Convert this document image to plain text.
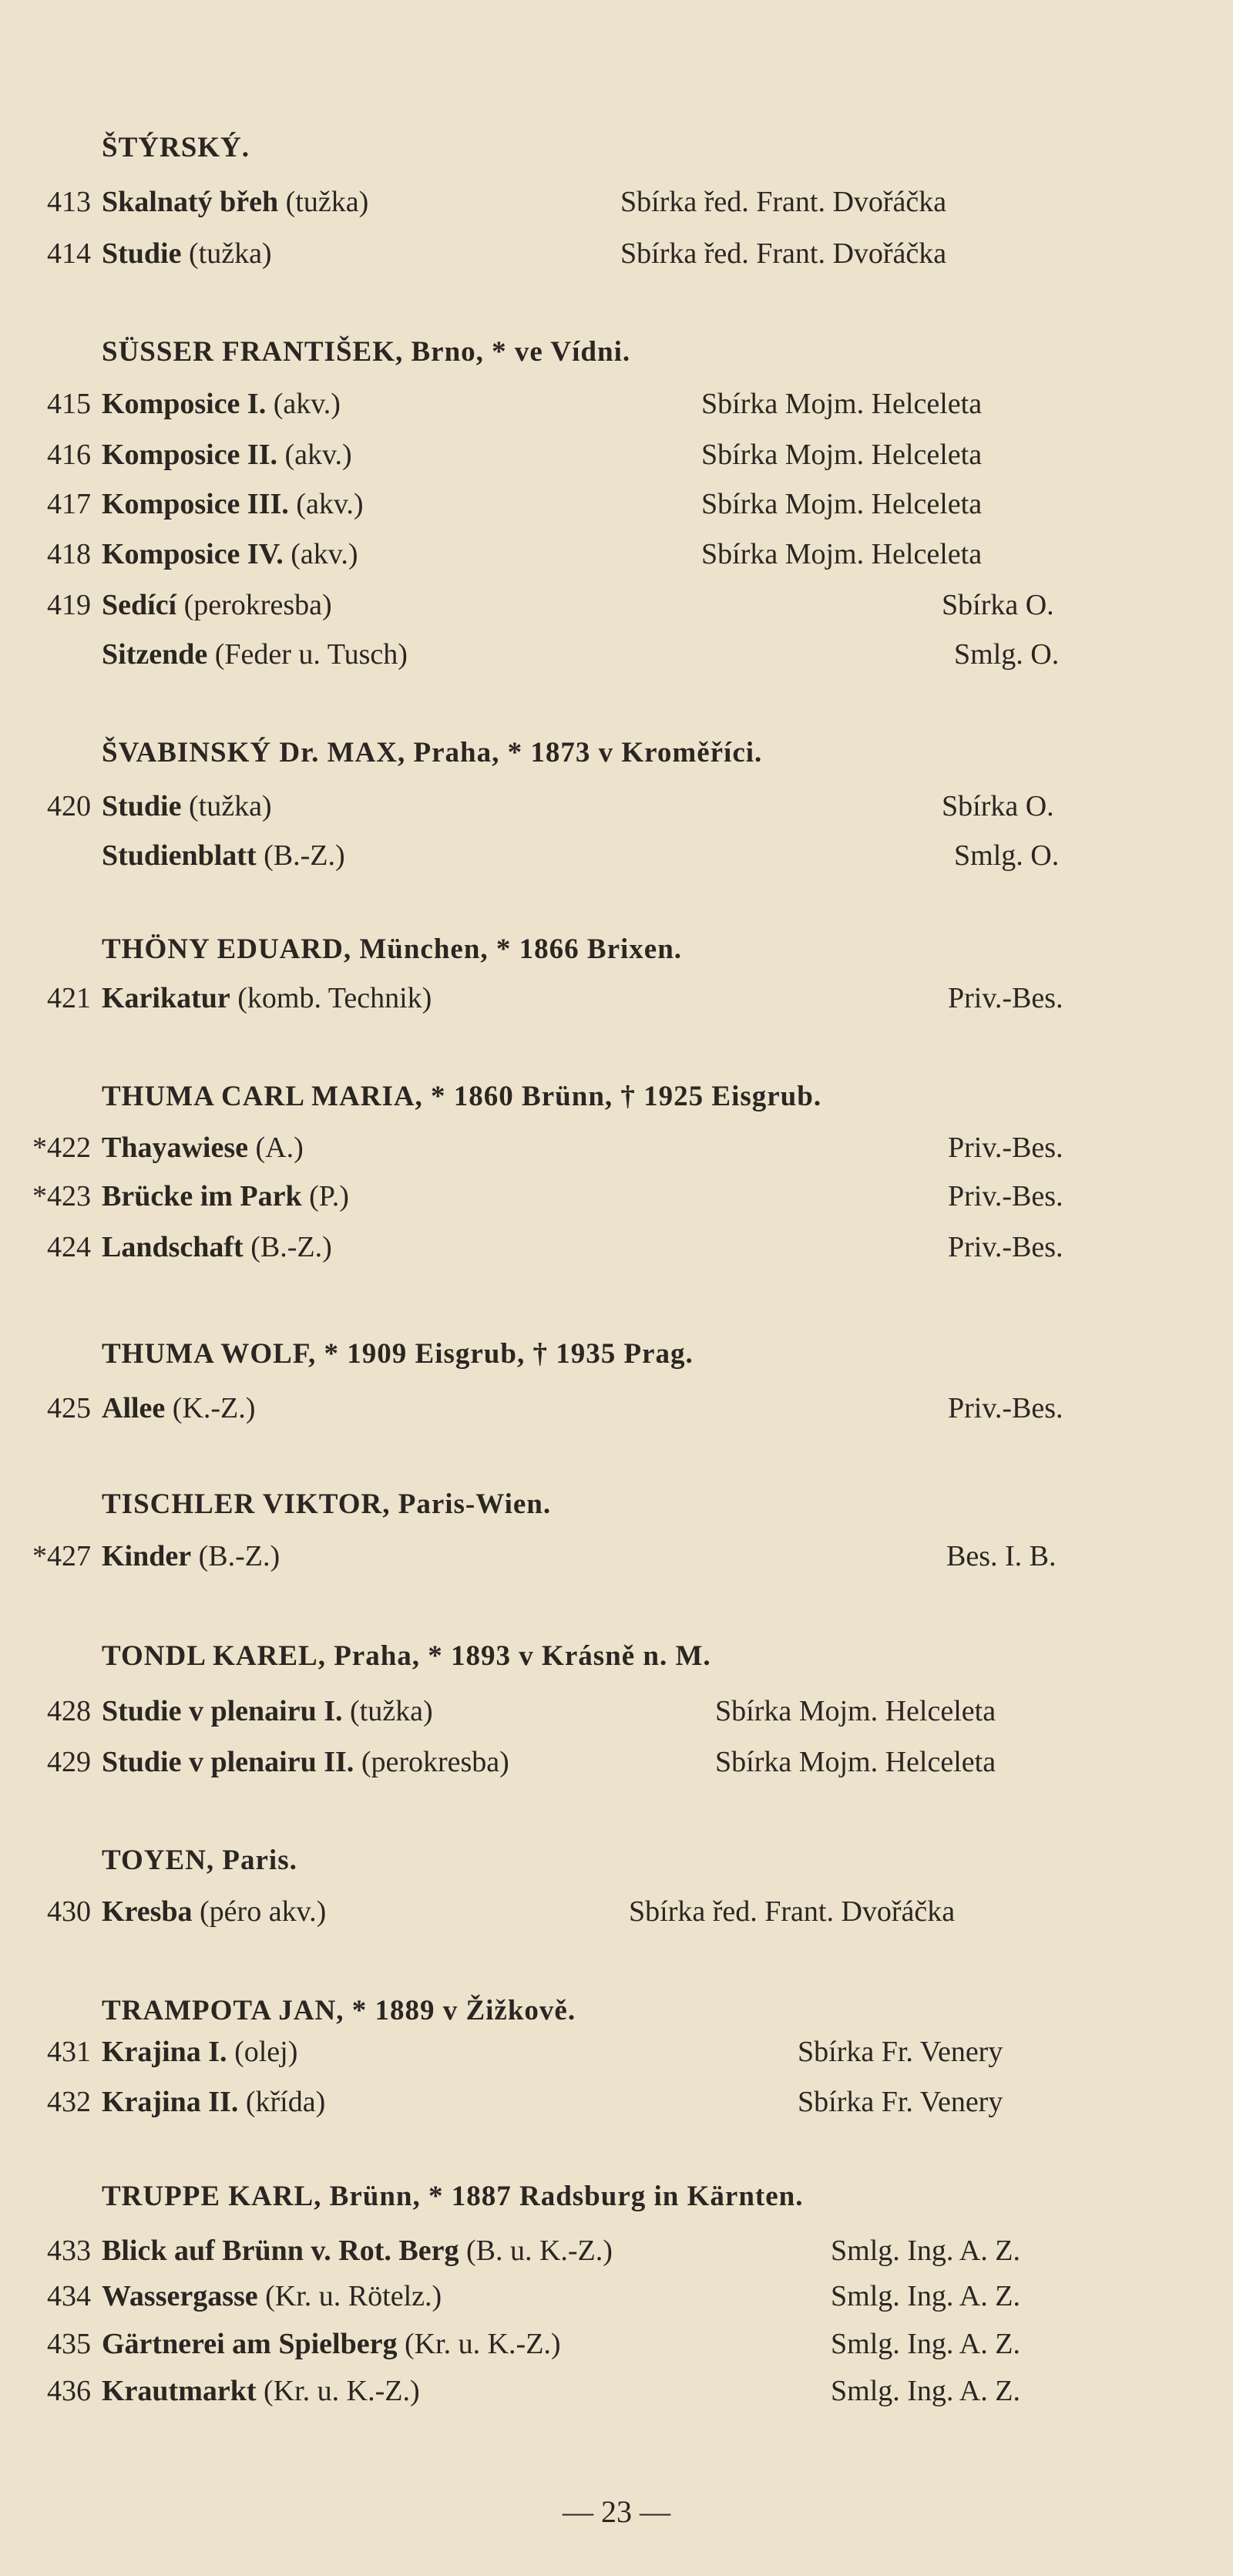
ŠTÝRSKÝ.
413 Skalnatý břeh (tužka)	Sbírka řed. Frant. Dvořáčka
414 Studie (tužka)	Sbírka řed. Frant. Dvořáčka
SÜSSER FRANTIŠEK, Brno, * ve Vídni.
415 Komposice I. (akv.)	Sbírka Mojm. Helceleta
416 Komposice II. (akv.)	Sbírka Mojm. Helceleta
417 Komposice III. (akv.)	Sbírka Mojm. Helceleta
418 Komposice IV. (akv.)	Sbírka Mojm. Helceleta
419 Sedící (perokresba)	Sbírka O.
Sitzende (Feder u. Tusch)	Smlg. O.
ŠVABINSKÝ Dr. MAX, Praha, * 1873 v Kroměříci.
420 Studie (tužka)	Sbírka O.
Studienblatt (B.-Z.)	Smlg. O.
THÖNY EDUARD, München, * 1866 Brixen.
421 Karikatur (komb. Technik)	Priv.-Bes.
THUMA CARL MARIA, * 1860 Brünn, † 1925 Eisgrub.
*422 Thayawiese (A.)	Priv.-Bes.
*423 Brücke im Park (P.)	Priv.-Bes.
424 Landschaft (B.-Z.)	Priv.-Bes.
THUMA WOLF, * 1909 Eisgrub, † 1935 Prag.
425 Allee (K.-Z.)	Priv.-Bes.
TISCHLER VIKTOR, Paris-Wien.
*427 Kinder (B.-Z.)	Bes. I. B.
TONDL KAREL, Praha, * 1893 v Krásně n. M.
428 Studie v plenairu I. (tužka)	Sbírka Mojm. Helceleta
429 Studie v plenairu II. (perokresba)	Sbírka Mojm. Helceleta
TOYEN, Paris.
430 Kresba (péro akv.)	Sbírka řed. Frant. Dvořáčka
TRAMPOTA JAN, * 1889 v Žižkově.
431 Krajina I. (olej)	Sbírka Fr. Venery
432 Krajina II. (křída)	Sbírka Fr. Venery
TRUPPE KARL, Brünn, * 1887 Radsburg in Kärnten.
433 Blick auf Brünn v. Rot. Berg (B. u. K.-Z.)	Smlg. Ing. A. Z.
434 Wassergasse (Kr. u. Rötelz.)	Smlg. Ing. A. Z.
435 Gärtnerei am Spielberg (Kr. u. K.-Z.)	Smlg. Ing. A. Z.
436 Krautmarkt (Kr. u. K.-Z.)	Smlg. Ing. A. Z.
— 23 —
